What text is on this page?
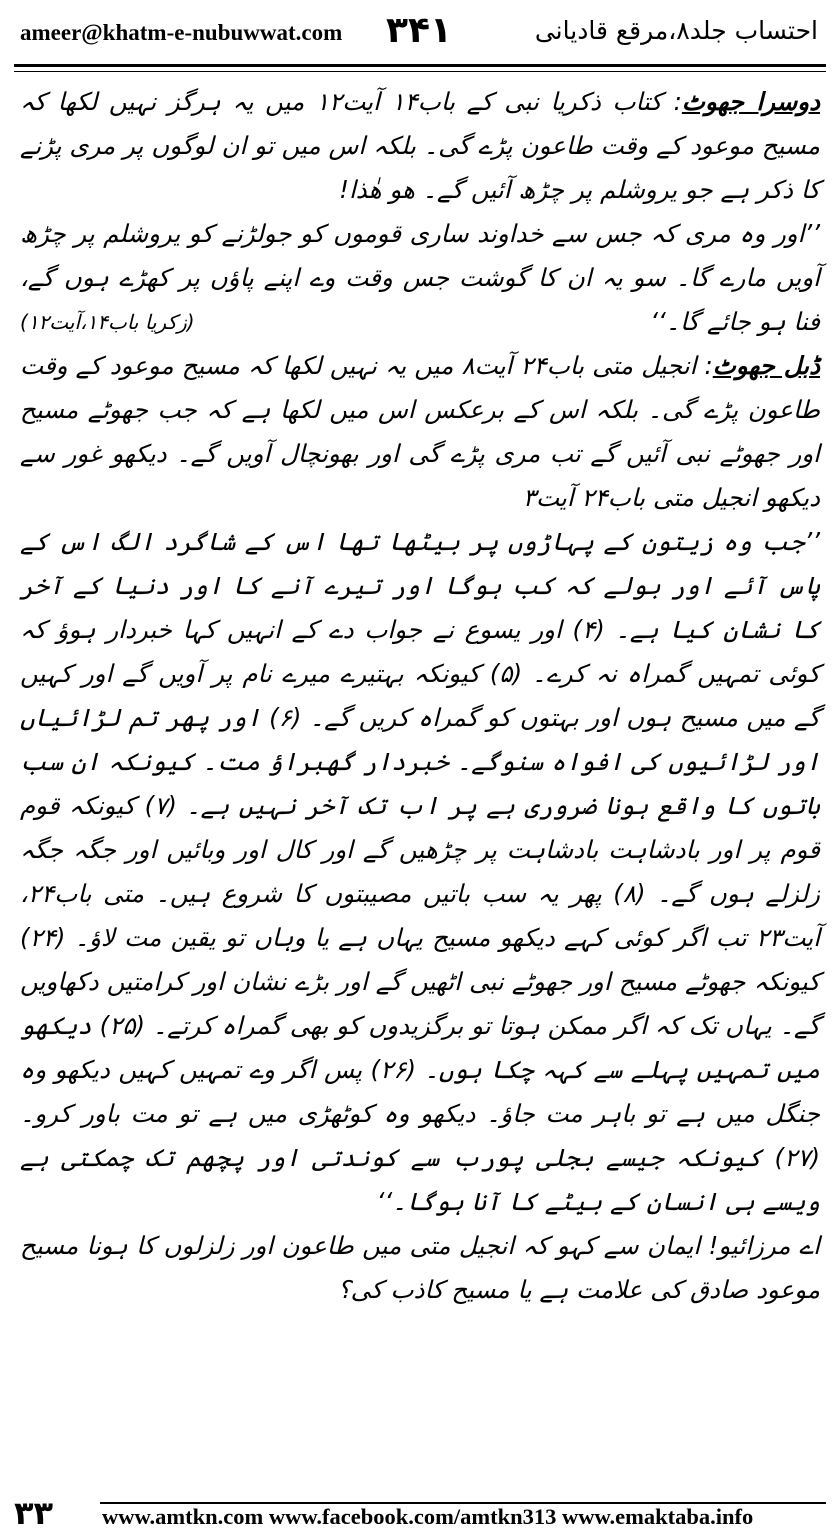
ameer@khatm-e-nubuwwat.com ۳۴۱	احتساب جلد۸،مرقع قادیانی

دوسرا جھوٹ: کتاب ذکریا نبی کے باب۱۴ آیت۱۲ میں یہ ہرگز نہیں لکھا کہ مسیح موعود کے وقت طاعون پڑے گی۔ بلکہ اس میں تو ان لوگوں پر مری پڑنے کا ذکر ہے جو یروشلم پر چڑھ آئیں گے۔ ھو ھٰذا!

’’اور وہ مری کہ جس سے خداوند ساری قوموں کو جولڑنے کو یروشلم پر چڑھ آویں مارے گا۔ سو یہ ان کا گوشت جس وقت وے اپنے پاؤں پر کھڑے ہوں گے، فنا ہو جائے گا۔‘‘
(زکریا باب۱۴،آیت۱۲)

ڈبل جھوٹ: انجیل متی باب۲۴ آیت۸ میں یہ نہیں لکھا کہ مسیح موعود کے وقت طاعون پڑے گی۔ بلکہ اس کے برعکس اس میں لکھا ہے کہ جب جھوٹے مسیح اور جھوٹے نبی آئیں گے تب مری پڑے گی اور بھونچال آویں گے۔ دیکھو غور سے دیکھو انجیل متی باب۲۴ آیت۳

’’جب وہ زیتون کے پہاڑوں پر بیٹھا تھا اس کے شاگرد الگ اس کے پاس آئے اور بولے کہ کب ہوگا اور تیرے آنے کا اور دنیا کے آخر کا نشان کیا ہے۔ (۴) اور یسوع نے جواب دے کے انہیں کہا خبردار ہوؤ کہ کوئی تمہیں گمراہ نہ کرے۔ (۵) کیونکہ بہتیرے میرے نام پر آویں گے اور کہیں گے میں مسیح ہوں اور بہتوں کو گمراہ کریں گے۔ (۶) اور پھر تم لڑائیاں اور لڑائیوں کی افواہ سنوگے۔ خبردار گھبراؤ مت۔ کیونکہ ان سب باتوں کا واقع ہونا ضروری ہے پر اب تک آخر نہیں ہے۔ (۷) کیونکہ قوم قوم پر اور بادشاہت بادشاہت پر چڑھیں گے اور کال اور وبائیں اور جگہ جگہ زلزلے ہوں گے۔ (۸) پھر یہ سب باتیں مصیبتوں کا شروع ہیں۔ متی باب۲۴، آیت۲۳ تب اگر کوئی کہے دیکھو مسیح یہاں ہے یا وہاں تو یقین مت لاؤ۔ (۲۴) کیونکہ جھوٹے مسیح اور جھوٹے نبی اٹھیں گے اور بڑے نشان اور کرامتیں دکھاویں گے۔ یہاں تک کہ اگر ممکن ہوتا تو برگزیدوں کو بھی گمراہ کرتے۔ (۲۵) دیکھو میں تمہیں پہلے سے کہہ چکا ہوں۔ (۲۶) پس اگر وے تمہیں کہیں دیکھو وہ جنگل میں ہے تو باہر مت جاؤ۔ دیکھو وہ کوٹھڑی میں ہے تو مت باور کرو۔ (۲۷) کیونکہ جیسے بجلی پورب سے کوندتی اور پچھم تک چمکتی ہے ویسے ہی انسان کے بیٹے کا آنا ہوگا۔‘‘

اے مرزائیو! ایمان سے کہو کہ انجیل متی میں طاعون اور زلزلوں کا ہونا مسیح موعود صادق کی علامت ہے یا مسیح کاذب کی؟

۳۳ www.amtkn.com www.facebook.com/amtkn313 www.emaktaba.info
